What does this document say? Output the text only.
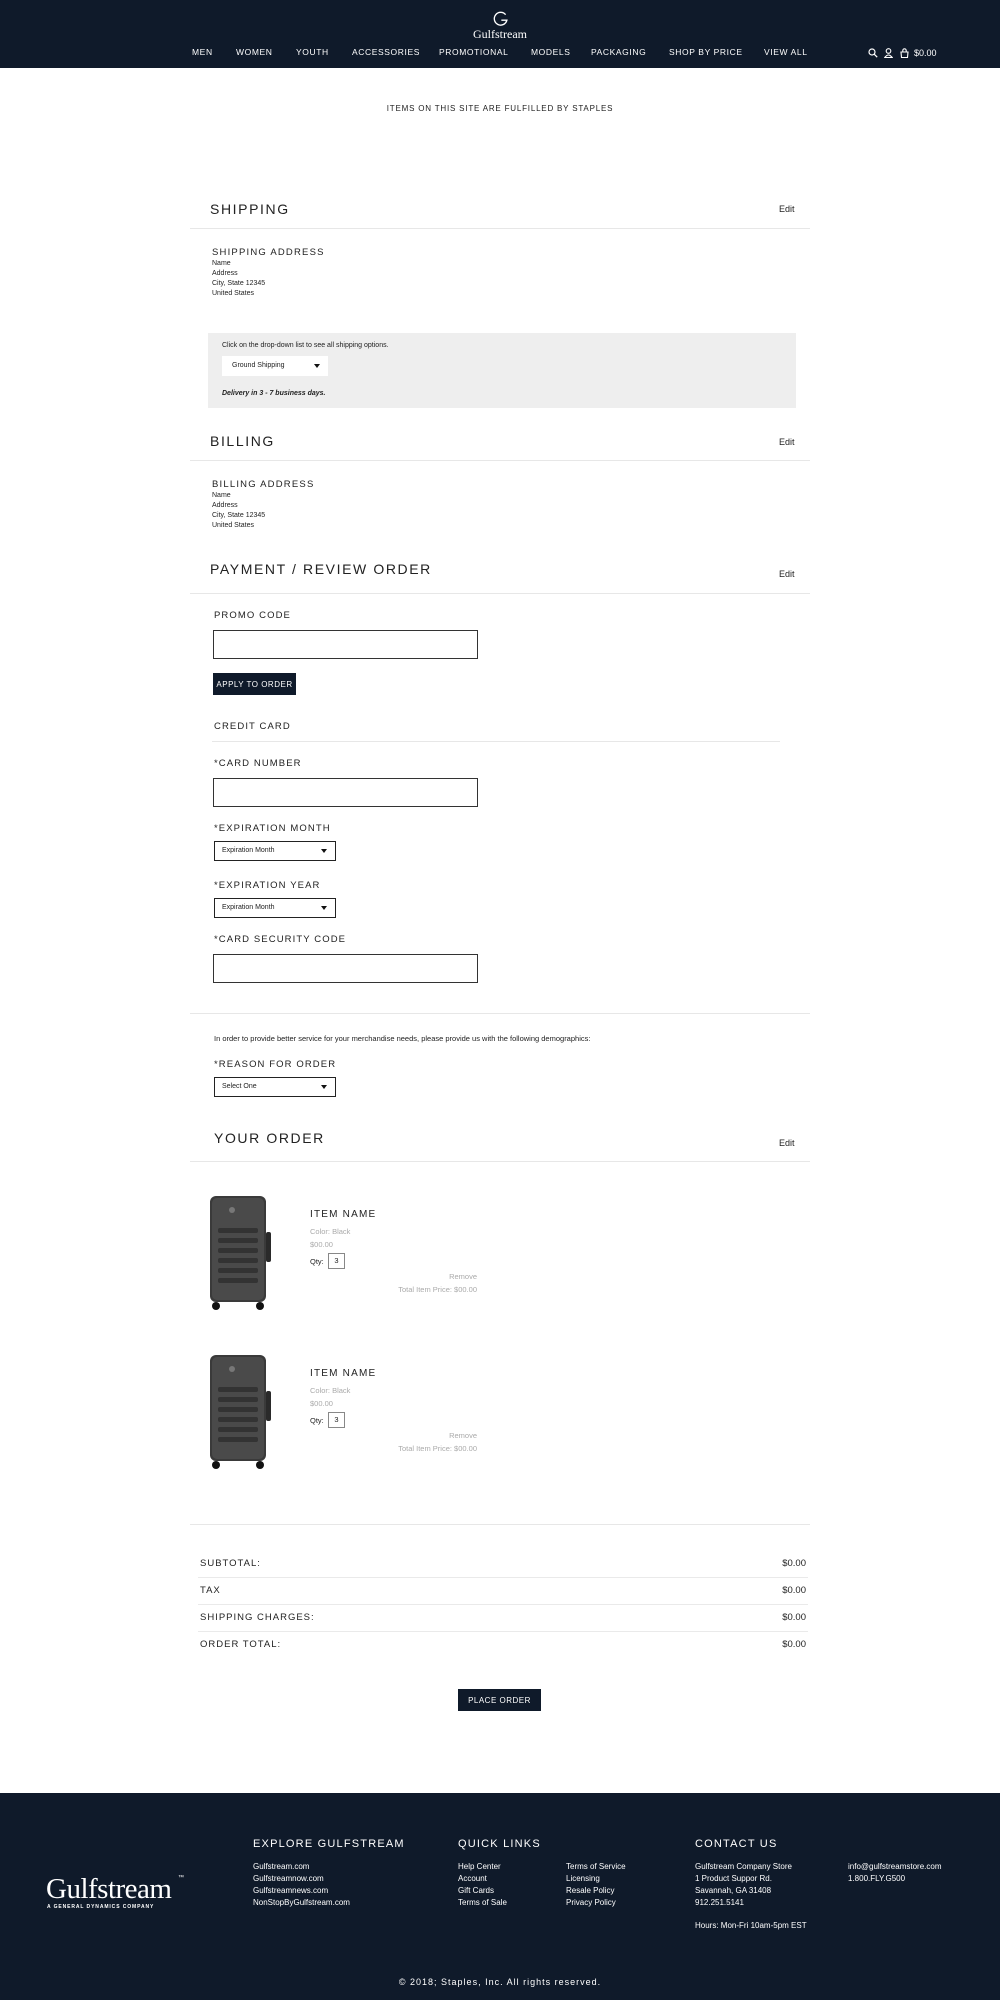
Gulfstream
MEN	WOMEN	YOUTH	ACCESSORIES PROMOTIONAL	MODELS PACKAGING	SHOP BY PRICE	VIEW ALL	$0.00
ITEMS ON THIS SITE ARE FULFILLED BY STAPLES
SHIPPING	Edit
SHIPPING ADDRESS
Name
Address
City, State 12345
United States
Click on the drop-down list to see all shipping options.
Ground Shipping
Delivery in 3 - 7 business days.
BILLING	Edit
BILLING ADDRESS
Name
Address
City, State 12345
United States
PAYMENT / REVIEW ORDER	Edit
PROMO CODE
APPLY TO ORDER
CREDIT CARD
*CARD NUMBER
*EXPIRATION MONTH
Expiration Month
*EXPIRATION YEAR
Expiration Month
*CARD SECURITY CODE
In order to provide better service for your merchandise needs, please provide us with the following demographics:
*REASON FOR ORDER
Select One
YOUR ORDER	Edit
ITEM NAME
Color: Black
$00.00
Qty:	3
Remove
Total Item Price: $00.00
ITEM NAME
Color: Black
$00.00
Qty:	3
Remove
Total Item Price: $00.00
SUBTOTAL:	$0.00
TAX	$0.00
SHIPPING CHARGES:	$0.00
ORDER TOTAL:	$0.00
PLACE ORDER
Gulfstream ™
A GENERAL DYNAMICS COMPANY
EXPLORE GULFSTREAM
Gulfstream.com
Gulfstreamnow.com
Gulfstreamnews.com
NonStopByGulfstream.com
QUICK LINKS
Help Center
Account
Gift Cards
Terms of Sale
Terms of Service
Licensing
Resale Policy
Privacy Policy
CONTACT US
Gulfstream Company Store
1 Product Suppor Rd.
Savannah, GA 31408
912.251.5141
Hours: Mon-Fri 10am-5pm EST
info@gulfstreamstore.com
1.800.FLY.G500
© 2018; Staples, Inc. All rights reserved.
